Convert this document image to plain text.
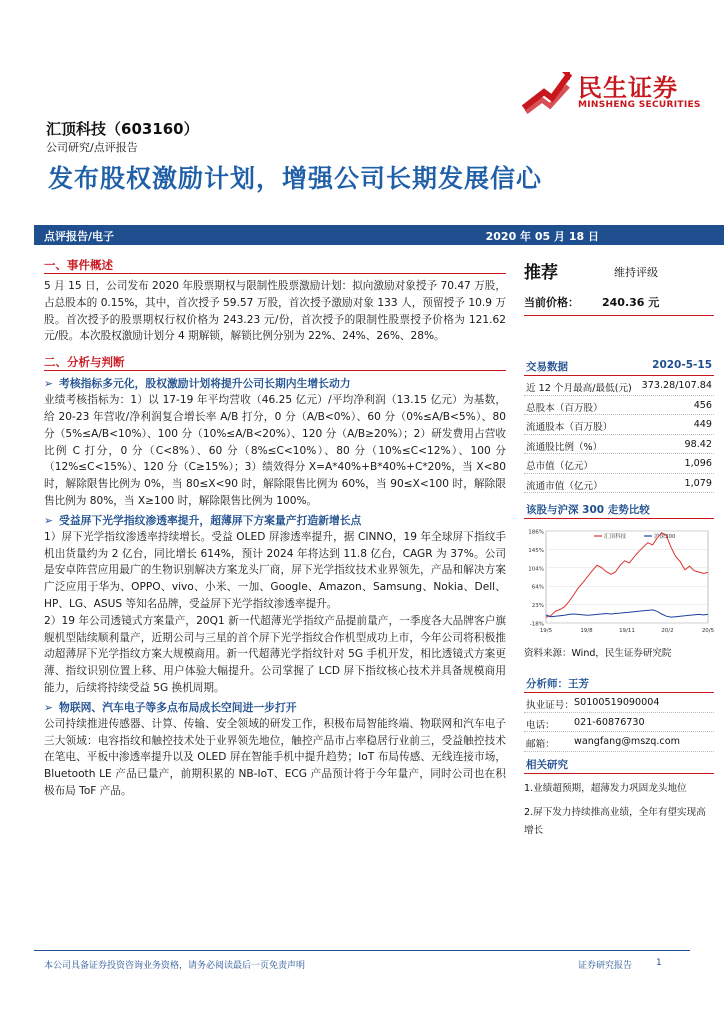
民生证券
MINSHENG SECURITIES
汇顶科技（603160）
公司研究/点评报告
发布股权激励计划，增强公司长期发展信心
点评报告/电子	2020 年 05 月 18 日
一、事件概述

5 月 15 日，公司发布 2020 年股票期权与限制性股票激励计划：拟向激励对象授予 70.47 万股，占总股本的 0.15%，其中，首次授予 59.57 万股，首次授予激励对象 133 人，预留授予 10.9 万股。首次授予的股票期权行权价格为 243.23 元/份，首次授予的限制性股票授予价格为 121.62 元/股。本次股权激励计划分 4 期解锁，解锁比例分别为 22%、24%、26%、28%。

二、分析与判断
➢ 考核指标多元化，股权激励计划将提升公司长期内生增长动力

业绩考核指标为：1）以 17-19 年平均营收（46.25 亿元）/平均净利润（13.15 亿元）为基数，给 20-23 年营收/净利润复合增长率 A/B 打分，0 分（A/B<0%）、60 分（0%≤A/B<5%）、80 分（5%≤A/B<10%）、100 分（10%≤A/B<20%）、120 分（A/B≥20%）；2）研发费用占营收比例 C 打分，0 分（C<8%）、60 分（8%≤C<10%）、80 分（10%≤C<12%）、100 分（12%≤C<15%）、120 分（C≥15%）；3）绩效得分 X=A*40%+B*40%+C*20%，当 X<80 时，解除限售比例为 0%，当 80≤X<90 时，解除限售比例为 60%，当 90≤X<100 时，解除限售比例为 80%，当 X≥100 时，解除限售比例为 100%。

➢ 受益屏下光学指纹渗透率提升，超薄屏下方案量产打造新增长点

1）屏下光学指纹渗透率持续增长。受益 OLED 屏渗透率提升，据 CINNO，19 年全球屏下指纹手机出货量约为 2 亿台，同比增长 614%，预计 2024 年将达到 11.8 亿台，CAGR 为 37%。公司是安卓阵营应用最广的生物识别解决方案龙头厂商，屏下光学指纹技术业界领先，产品和解决方案广泛应用于华为、OPPO、vivo、小米、一加、Google、Amazon、Samsung、Nokia、Dell、HP、LG、ASUS 等知名品牌，受益屏下光学指纹渗透率提升。

2）19 年公司透镜式方案量产，20Q1 新一代超薄光学指纹产品提前量产，一季度各大品牌客户旗舰机型陆续顺利量产，近期公司与三星的首个屏下光学指纹合作机型成功上市，今年公司将积极推动超薄屏下光学指纹方案大规模商用。新一代超薄光学指纹针对 5G 手机开发，相比透镜式方案更薄、指纹识别位置上移、用户体验大幅提升。公司掌握了 LCD 屏下指纹核心技术并具备规模商用能力，后续将持续受益 5G 换机周期。

➢ 物联网、汽车电子等多点布局成长空间进一步打开

公司持续推进传感器、计算、传输、安全领域的研发工作，积极布局智能终端、物联网和汽车电子三大领域：电容指纹和触控技术处于业界领先地位，触控产品市占率稳居行业前三，受益触控技术在笔电、平板中渗透率提升以及 OLED 屏在智能手机中提升趋势；IoT 布局传感、无线连接市场，Bluetooth LE 产品已量产，前期积累的 NB-IoT、ECG 产品预计将于今年量产，同时公司也在积极布局 ToF 产品。

推荐	维持评级
当前价格： 240.36 元
交易数据	2020-5-15
近 12 个月最高/最低(元) 373.28/107.84
总股本（百万股）	456
流通股本（百万股）	449
流通股比例（%）	98.42
总市值（亿元）	1,096
流通市值（亿元）	1,079
该股与沪深 300 走势比较
186%
145%
104%
64%
23%
-18%
19/5	19/8	19/11	20/2	20/5
汇顶科技	沪深300
资料来源：Wind，民生证券研究院
分析师：王芳
执业证号： S0100519090004
电话： 021-60876730
邮箱： wangfang@mszq.com
相关研究
1.业绩超预期，超薄发力巩固龙头地位
2.屏下发力持续推高业绩，全年有望实现高增长
本公司具备证券投资咨询业务资格，请务必阅读最后一页免责声明	证券研究报告	1
